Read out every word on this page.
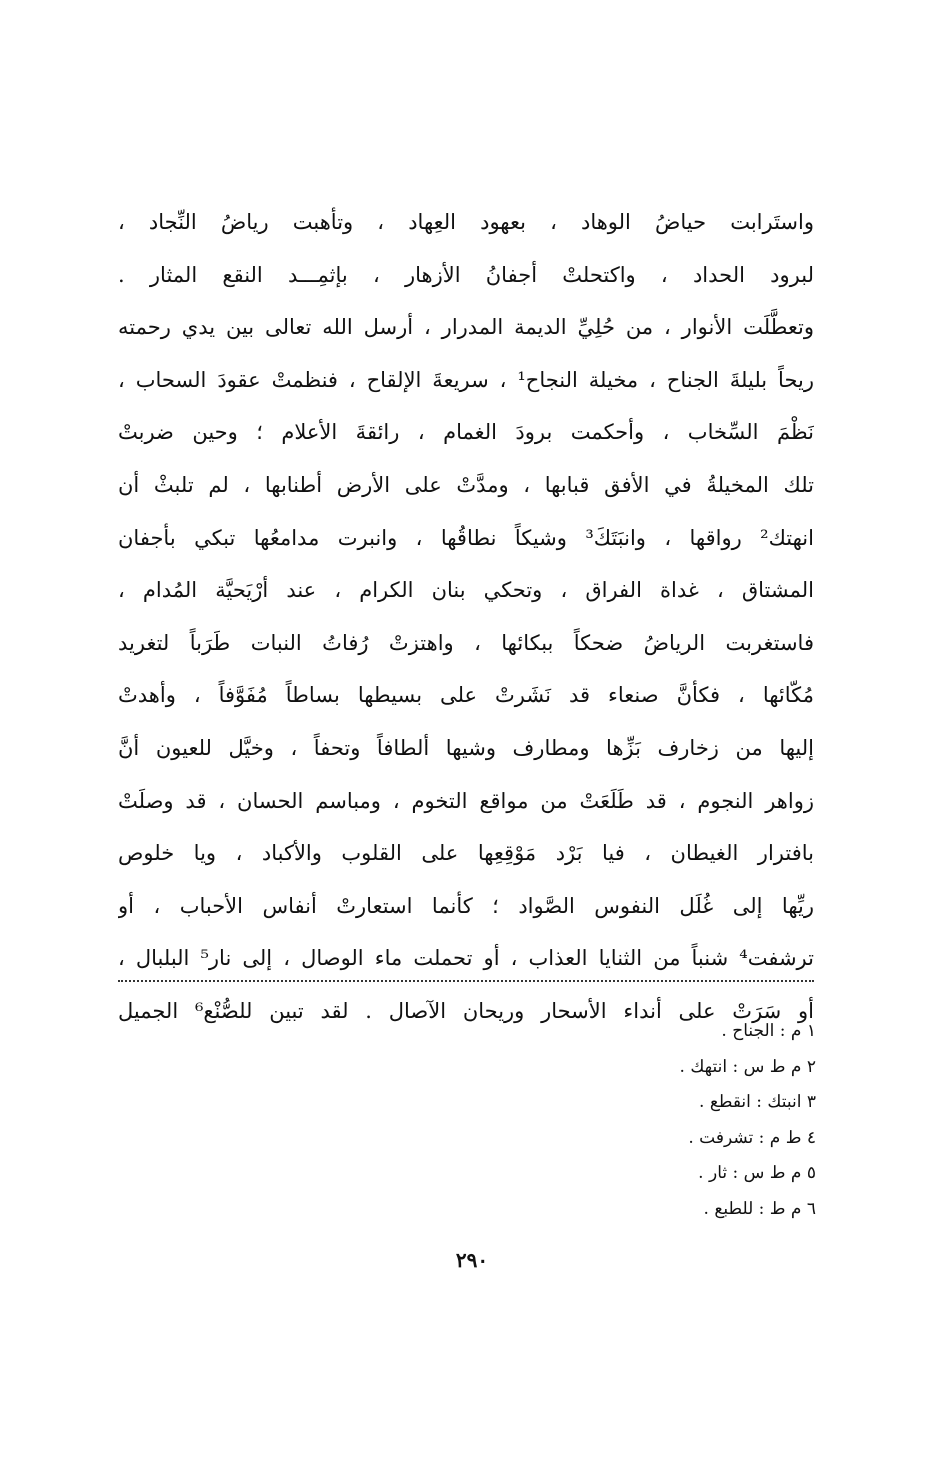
واستَرابت حياضُ الوهاد ، بعهود العِهاد ، وتأهبت رياضُ النِّجاد ،
لبرود الحداد ، واكتحلتْ أجفانُ الأزهار ، بإثمِـــد النقع المثار .
وتعطَّلَت الأنوار ، من حُلِيِّ الديمة المدرار ، أرسل الله تعالى بين يدي رحمته
ريحاً بليلةَ الجناح ، مخيلة النجاح¹ ، سريعةَ الإلقاح ، فنظمتْ عقودَ السحاب ،
نَظْمَ السِّخاب ، وأحكمت برودَ الغمام ، رائقةَ الأعلام ؛ وحين ضربتْ
تلك المخيلةُ في الأفق قبابها ، ومدَّتْ على الأرض أطنابها ، لم تلبثْ أن
انهتك² رواقها ، وانبَتَكَ³ وشيكاً نطاقُها ، وانبرت مدامعُها تبكي بأجفان
المشتاق ، غداة الفراق ، وتحكي بنان الكرام ، عند أرْيَحيَّة المُدام ،
فاستغربت الرياضُ ضحكاً ببكائها ، واهتزتْ رُفاتُ النبات طَرَباً لتغريد
مُكّائها ، فكأنَّ صنعاء قد نَشَرتْ على بسيطها بساطاً مُفَوَّفاً ، وأهدتْ
إليها من زخارف بَزِّها ومطارف وشيها ألطافاً وتحفاً ، وخيَّل للعيون أنَّ
زواهر النجوم ، قد طَلَعَتْ من مواقع التخوم ، ومباسم الحسان ، قد وصلَتْ
بافترار الغيطان ، فيا بَرْد مَوْقِعِها على القلوب والأكباد ، ويا خلوص
ريِّها إلى غُلَل النفوس الصَّواد ؛ كأنما استعارتْ أنفاس الأحباب ، أو
ترشفت⁴ شنباً من الثنايا العذاب ، أو تحملت ماء الوصال ، إلى نار⁵ البلبال ،
أو سَرَتْ على أنداء الأسحار وريحان الآصال . لقد تبين للصُّنْع⁶ الجميل
١ م : الجناح .
٢ م ط س : انتهك .
٣ انبتك : انقطع .
٤ ط م : تشرفت .
٥ م ط س : ثار .
٦ م ط : للطبع .
٢٩٠
